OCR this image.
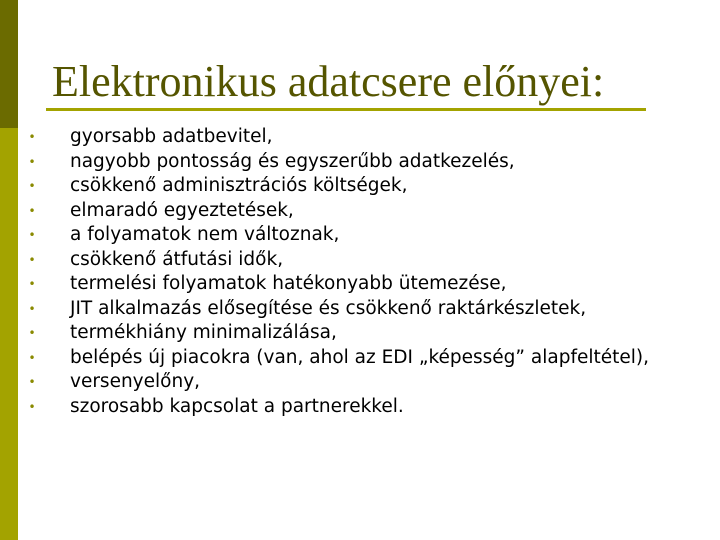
Elektronikus adatcsere előnyei:
• gyorsabb adatbevitel,
• nagyobb pontosság és egyszerűbb adatkezelés,
• csökkenő adminisztrációs költségek,
• elmaradó egyeztetések,
• a folyamatok nem változnak,
• csökkenő átfutási idők,
• termelési folyamatok hatékonyabb ütemezése,
• JIT alkalmazás elősegítése és csökkenő raktárkészletek,
• termékhiány minimalizálása,
• belépés új piacokra (van, ahol az EDI „képesség” alapfeltétel),
• versenyelőny,
• szorosabb kapcsolat a partnerekkel.
